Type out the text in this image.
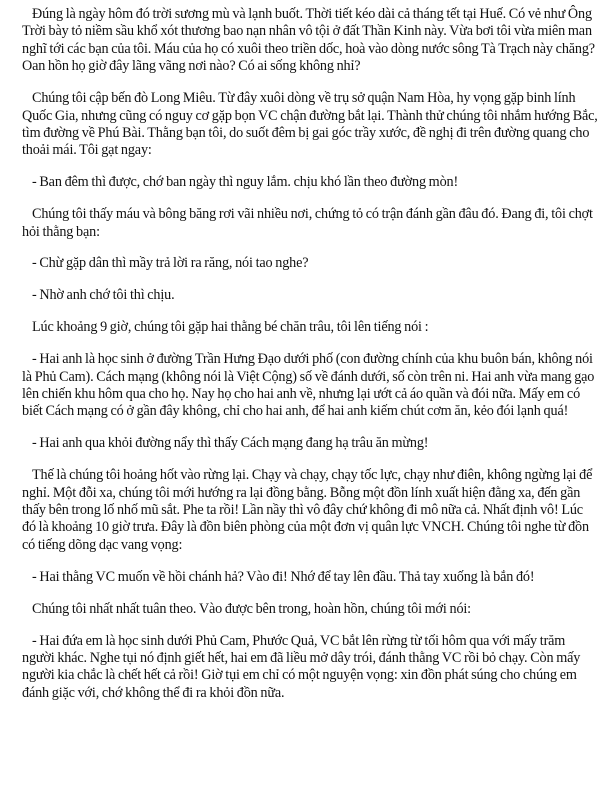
Đúng là ngày hôm đó trời sương mù và lạnh buốt. Thời tiết kéo dài cả tháng tết tại Huế. Có vẻ như Ông Trời bày tỏ niềm sầu khổ xót thương bao nạn nhân vô tội ở đất Thần Kinh này. Vừa bơi tôi vừa miên man nghĩ tới các bạn của tôi. Máu của họ có xuôi theo triền dốc, hoà vào dòng nước sông Tà Trạch này chăng? Oan hồn họ giờ đây lãng vãng nơi nào? Có ai sống không nhỉ?

Chúng tôi cập bến đò Long Miêu. Từ đây xuôi dòng về trụ sở quận Nam Hòa, hy vọng gặp binh lính Quốc Gia, nhưng cũng có nguy cơ gặp bọn VC chận đường bắt lại. Thành thử chúng tôi nhắm hướng Bắc, tìm đường về Phú Bài. Thằng bạn tôi, do suốt đêm bị gai góc trầy xước, đề nghị đi trên đường quang cho thoải mái. Tôi gạt ngay:

- Ban đêm thì được, chớ ban ngày thì nguy lắm. chịu khó lần theo đường mòn!

Chúng tôi thấy máu và bông băng rơi vãi nhiều nơi, chứng tỏ có trận đánh gần đâu đó. Đang đi, tôi chợt hỏi thằng bạn:

- Chừ gặp dân thì mầy trả lời ra răng, nói tao nghe?

- Nhờ anh chớ tôi thì chịu.

Lúc khoảng 9 giờ, chúng tôi gặp hai thằng bé chăn trâu, tôi lên tiếng nói :

- Hai anh là học sinh ở đường Trần Hưng Đạo dưới phố (con đường chính của khu buôn bán, không nói là Phủ Cam). Cách mạng (không nói là Việt Cộng) số về đánh dưới, số còn trên ni. Hai anh vừa mang gạo lên chiến khu hôm qua cho họ. Nay họ cho hai anh về, nhưng lại ướt cả áo quần và đói nữa. Mấy em có biết Cách mạng có ở gần đây không, chỉ cho hai anh, để hai anh kiếm chút cơm ăn, kẻo đói lạnh quá!

- Hai anh qua khỏi đường nẩy thì thấy Cách mạng đang hạ trâu ăn mừng!

Thế là chúng tôi hoảng hốt vào rừng lại. Chạy và chạy, chạy tốc lực, chạy như điên, không ngừng lại để nghỉ. Một đỗi xa, chúng tôi mới hướng ra lại đồng bằng. Bỗng một đồn lính xuất hiện đằng xa, đến gần thấy bên trong lố nhố mũ sắt. Phe ta rồi! Lần nầy thì vô đây chứ không đi mô nữa cả. Nhất định vô! Lúc đó là khoảng 10 giờ trưa. Đây là đồn biên phòng của một đơn vị quân lực VNCH. Chúng tôi nghe từ đồn có tiếng dõng dạc vang vọng:

- Hai thằng VC muốn về hồi chánh hả? Vào đi! Nhớ để tay lên đầu. Thả tay xuống là bắn đó!

Chúng tôi nhất nhất tuân theo. Vào được bên trong, hoàn hồn, chúng tôi mới nói:

- Hai đứa em là học sinh dưới Phủ Cam, Phước Quả, VC bắt lên rừng từ tối hôm qua với mấy trăm người khác. Nghe tụi nó định giết hết, hai em đã liều mở dây trói, đánh thằng VC rồi bỏ chạy. Còn mấy người kia chắc là chết hết cả rồi! Giờ tụi em chỉ có một nguyện vọng: xin đồn phát súng cho chúng em đánh giặc với, chớ không thể đi ra khỏi đồn nữa.
